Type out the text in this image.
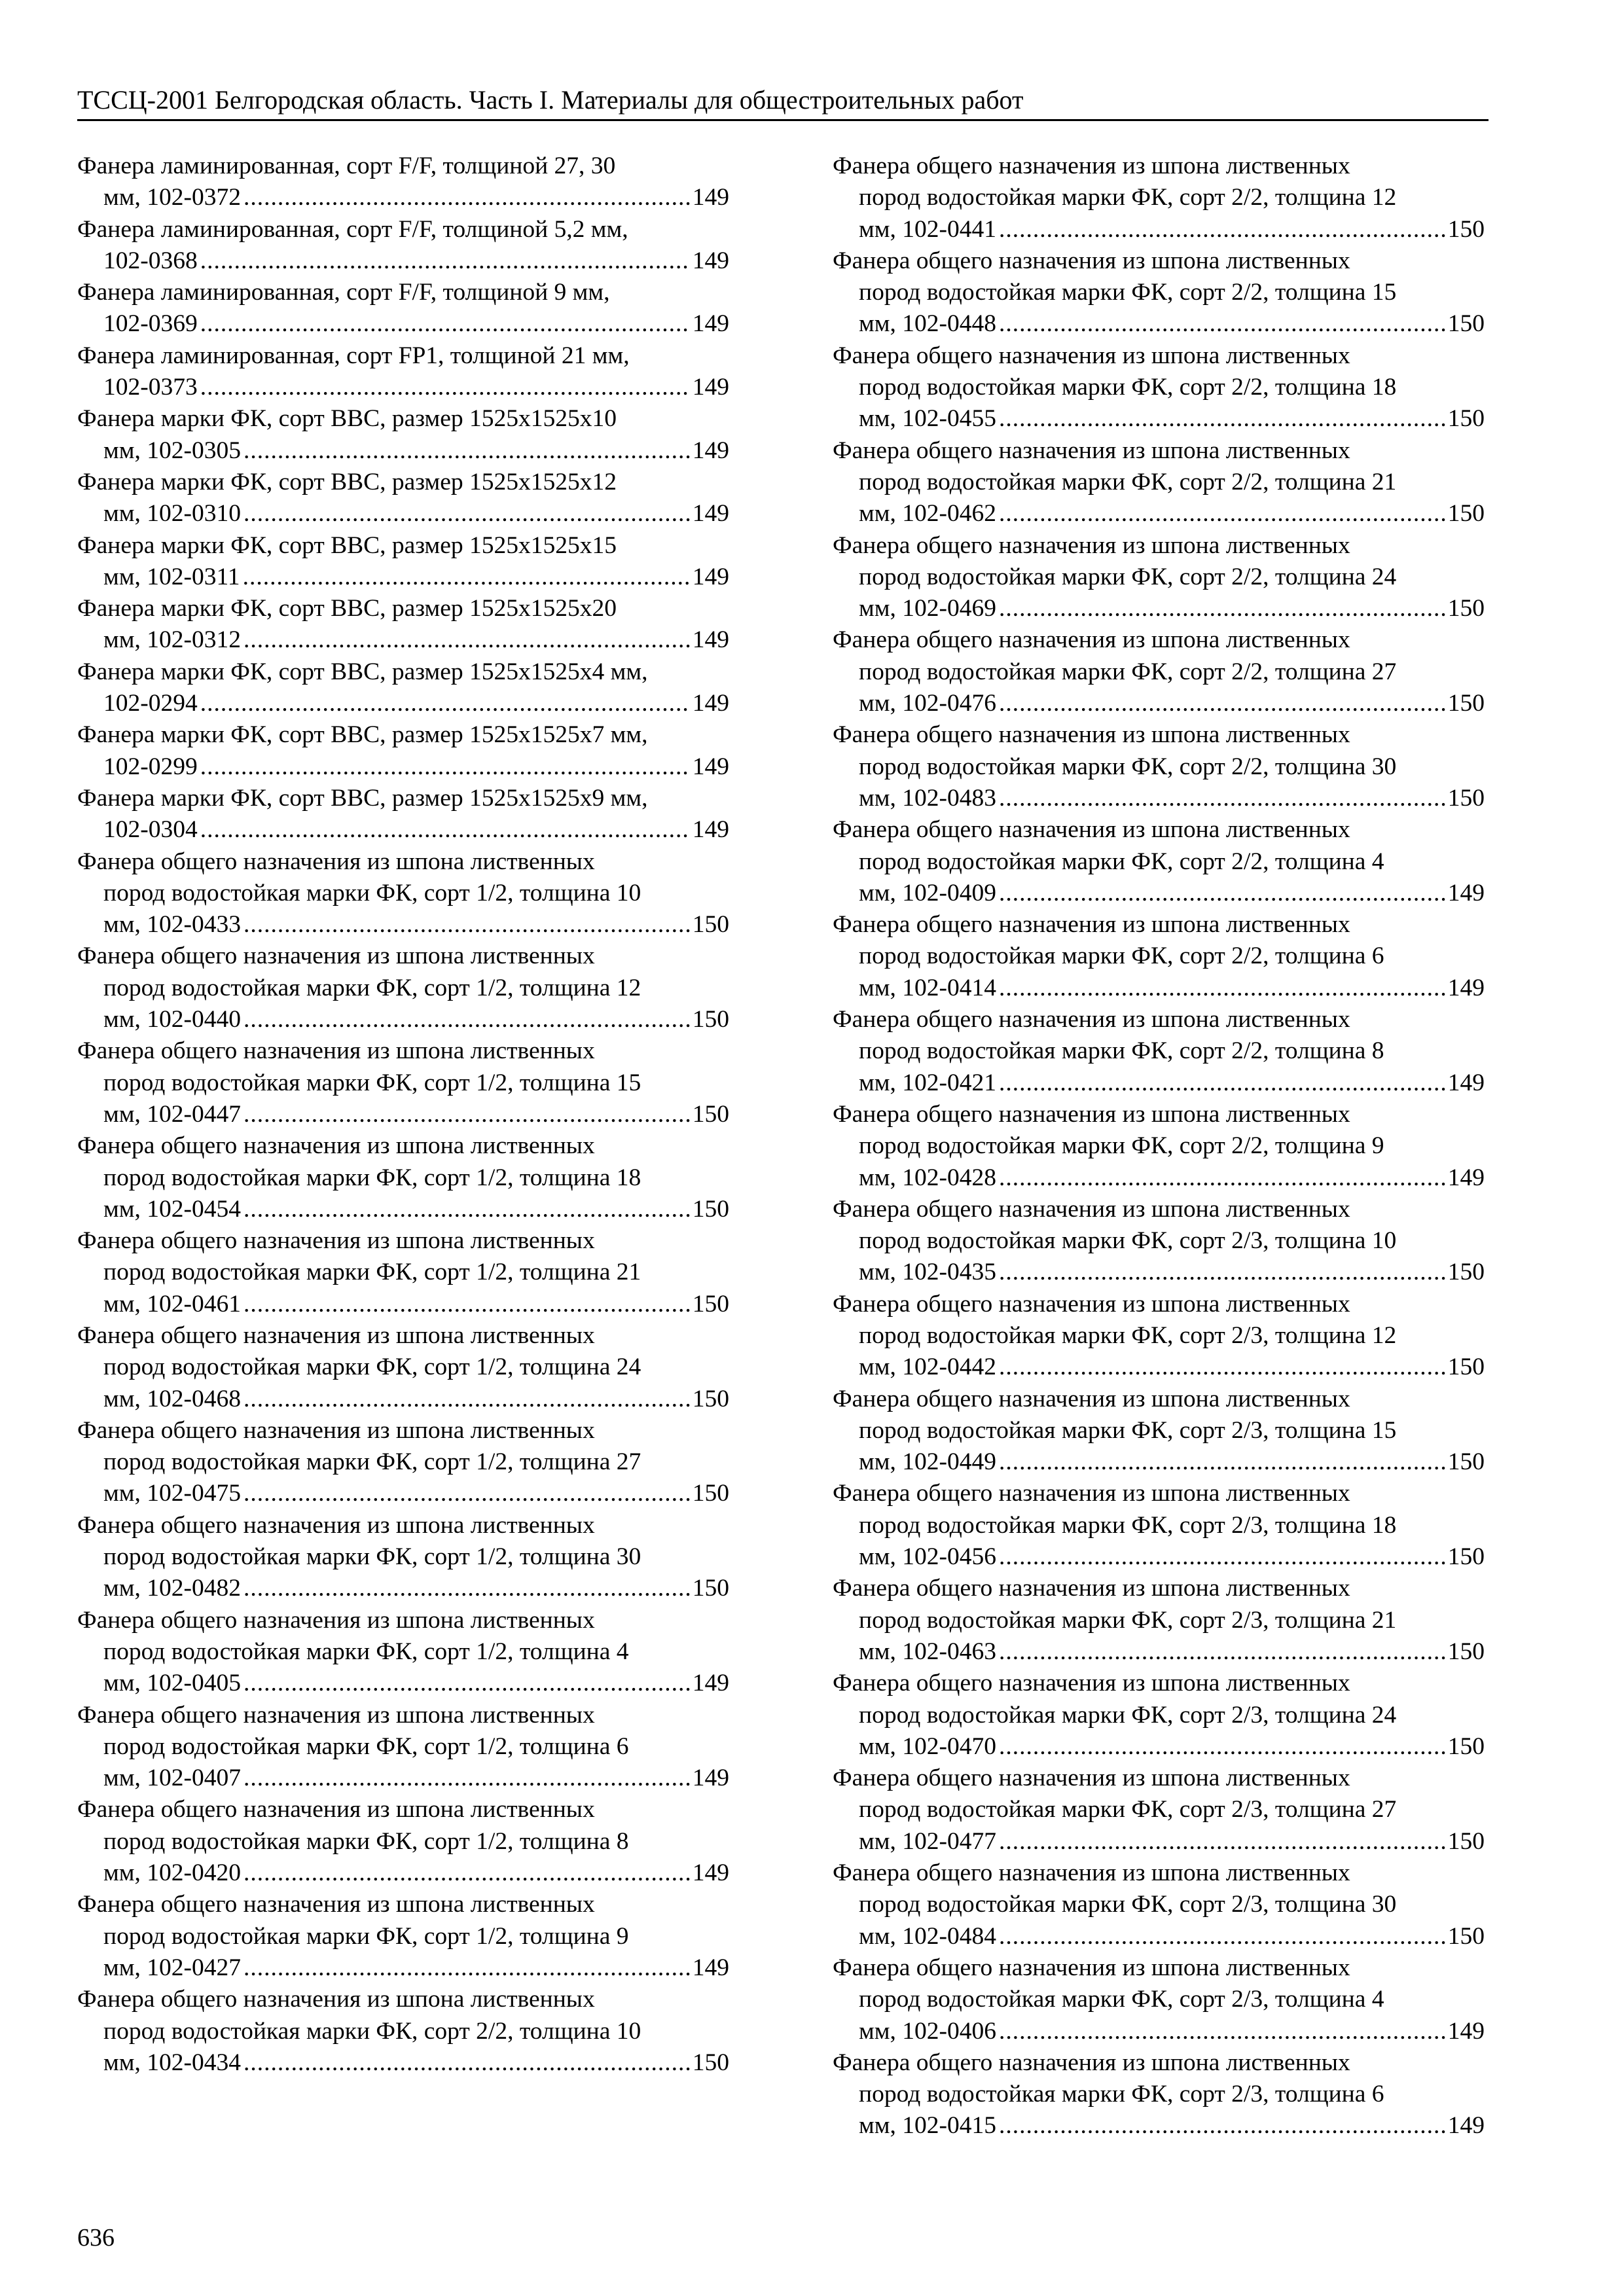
ТССЦ-2001 Белгородская область. Часть I. Материалы для общестроительных работ
Фанера ламинированная, сорт F/F, толщиной 27, 30
мм, 102-0372 .....	149
Фанера ламинированная, сорт F/F, толщиной 5,2 мм,
102-0368 .....	149
Фанера ламинированная, сорт F/F, толщиной 9 мм,
102-0369 .....	149
Фанера ламинированная, сорт FP1, толщиной 21 мм,
102-0373 .....	149
Фанера марки ФК, сорт ВВС, размер 1525х1525х10
мм, 102-0305 .....	149
Фанера марки ФК, сорт ВВС, размер 1525х1525х12
мм, 102-0310 .....	149
Фанера марки ФК, сорт ВВС, размер 1525х1525х15
мм, 102-0311 .....	149
Фанера марки ФК, сорт ВВС, размер 1525х1525х20
мм, 102-0312 .....	149
Фанера марки ФК, сорт ВВС, размер 1525х1525х4 мм,
102-0294 .....	149
Фанера марки ФК, сорт ВВС, размер 1525х1525х7 мм,
102-0299 .....	149
Фанера марки ФК, сорт ВВС, размер 1525х1525х9 мм,
102-0304 .....	149
Фанера общего назначения из шпона лиственных
пород водостойкая марки ФК, сорт 1/2, толщина 10
мм, 102-0433 .....	150
Фанера общего назначения из шпона лиственных
пород водостойкая марки ФК, сорт 1/2, толщина 12
мм, 102-0440 .....	150
Фанера общего назначения из шпона лиственных
пород водостойкая марки ФК, сорт 1/2, толщина 15
мм, 102-0447 .....	150
Фанера общего назначения из шпона лиственных
пород водостойкая марки ФК, сорт 1/2, толщина 18
мм, 102-0454 .....	150
Фанера общего назначения из шпона лиственных
пород водостойкая марки ФК, сорт 1/2, толщина 21
мм, 102-0461 .....	150
Фанера общего назначения из шпона лиственных
пород водостойкая марки ФК, сорт 1/2, толщина 24
мм, 102-0468 .....	150
Фанера общего назначения из шпона лиственных
пород водостойкая марки ФК, сорт 1/2, толщина 27
мм, 102-0475 .....	150
Фанера общего назначения из шпона лиственных
пород водостойкая марки ФК, сорт 1/2, толщина 30
мм, 102-0482 .....	150
Фанера общего назначения из шпона лиственных
пород водостойкая марки ФК, сорт 1/2, толщина 4
мм, 102-0405 .....	149
Фанера общего назначения из шпона лиственных
пород водостойкая марки ФК, сорт 1/2, толщина 6
мм, 102-0407 .....	149
Фанера общего назначения из шпона лиственных
пород водостойкая марки ФК, сорт 1/2, толщина 8
мм, 102-0420 .....	149
Фанера общего назначения из шпона лиственных
пород водостойкая марки ФК, сорт 1/2, толщина 9
мм, 102-0427 .....	149
Фанера общего назначения из шпона лиственных
пород водостойкая марки ФК, сорт 2/2, толщина 10
мм, 102-0434 .....	150
Фанера общего назначения из шпона лиственных
пород водостойкая марки ФК, сорт 2/2, толщина 12
мм, 102-0441 .....	150
Фанера общего назначения из шпона лиственных
пород водостойкая марки ФК, сорт 2/2, толщина 15
мм, 102-0448 .....	150
Фанера общего назначения из шпона лиственных
пород водостойкая марки ФК, сорт 2/2, толщина 18
мм, 102-0455 .....	150
Фанера общего назначения из шпона лиственных
пород водостойкая марки ФК, сорт 2/2, толщина 21
мм, 102-0462 .....	150
Фанера общего назначения из шпона лиственных
пород водостойкая марки ФК, сорт 2/2, толщина 24
мм, 102-0469 .....	150
Фанера общего назначения из шпона лиственных
пород водостойкая марки ФК, сорт 2/2, толщина 27
мм, 102-0476 .....	150
Фанера общего назначения из шпона лиственных
пород водостойкая марки ФК, сорт 2/2, толщина 30
мм, 102-0483 .....	150
Фанера общего назначения из шпона лиственных
пород водостойкая марки ФК, сорт 2/2, толщина 4
мм, 102-0409 .....	149
Фанера общего назначения из шпона лиственных
пород водостойкая марки ФК, сорт 2/2, толщина 6
мм, 102-0414 .....	149
Фанера общего назначения из шпона лиственных
пород водостойкая марки ФК, сорт 2/2, толщина 8
мм, 102-0421 .....	149
Фанера общего назначения из шпона лиственных
пород водостойкая марки ФК, сорт 2/2, толщина 9
мм, 102-0428 .....	149
Фанера общего назначения из шпона лиственных
пород водостойкая марки ФК, сорт 2/3, толщина 10
мм, 102-0435 .....	150
Фанера общего назначения из шпона лиственных
пород водостойкая марки ФК, сорт 2/3, толщина 12
мм, 102-0442 .....	150
Фанера общего назначения из шпона лиственных
пород водостойкая марки ФК, сорт 2/3, толщина 15
мм, 102-0449 .....	150
Фанера общего назначения из шпона лиственных
пород водостойкая марки ФК, сорт 2/3, толщина 18
мм, 102-0456 .....	150
Фанера общего назначения из шпона лиственных
пород водостойкая марки ФК, сорт 2/3, толщина 21
мм, 102-0463 .....	150
Фанера общего назначения из шпона лиственных
пород водостойкая марки ФК, сорт 2/3, толщина 24
мм, 102-0470 .....	150
Фанера общего назначения из шпона лиственных
пород водостойкая марки ФК, сорт 2/3, толщина 27
мм, 102-0477 .....	150
Фанера общего назначения из шпона лиственных
пород водостойкая марки ФК, сорт 2/3, толщина 30
мм, 102-0484 .....	150
Фанера общего назначения из шпона лиственных
пород водостойкая марки ФК, сорт 2/3, толщина 4
мм, 102-0406 .....	149
Фанера общего назначения из шпона лиственных
пород водостойкая марки ФК, сорт 2/3, толщина 6
мм, 102-0415 .....	149
636
